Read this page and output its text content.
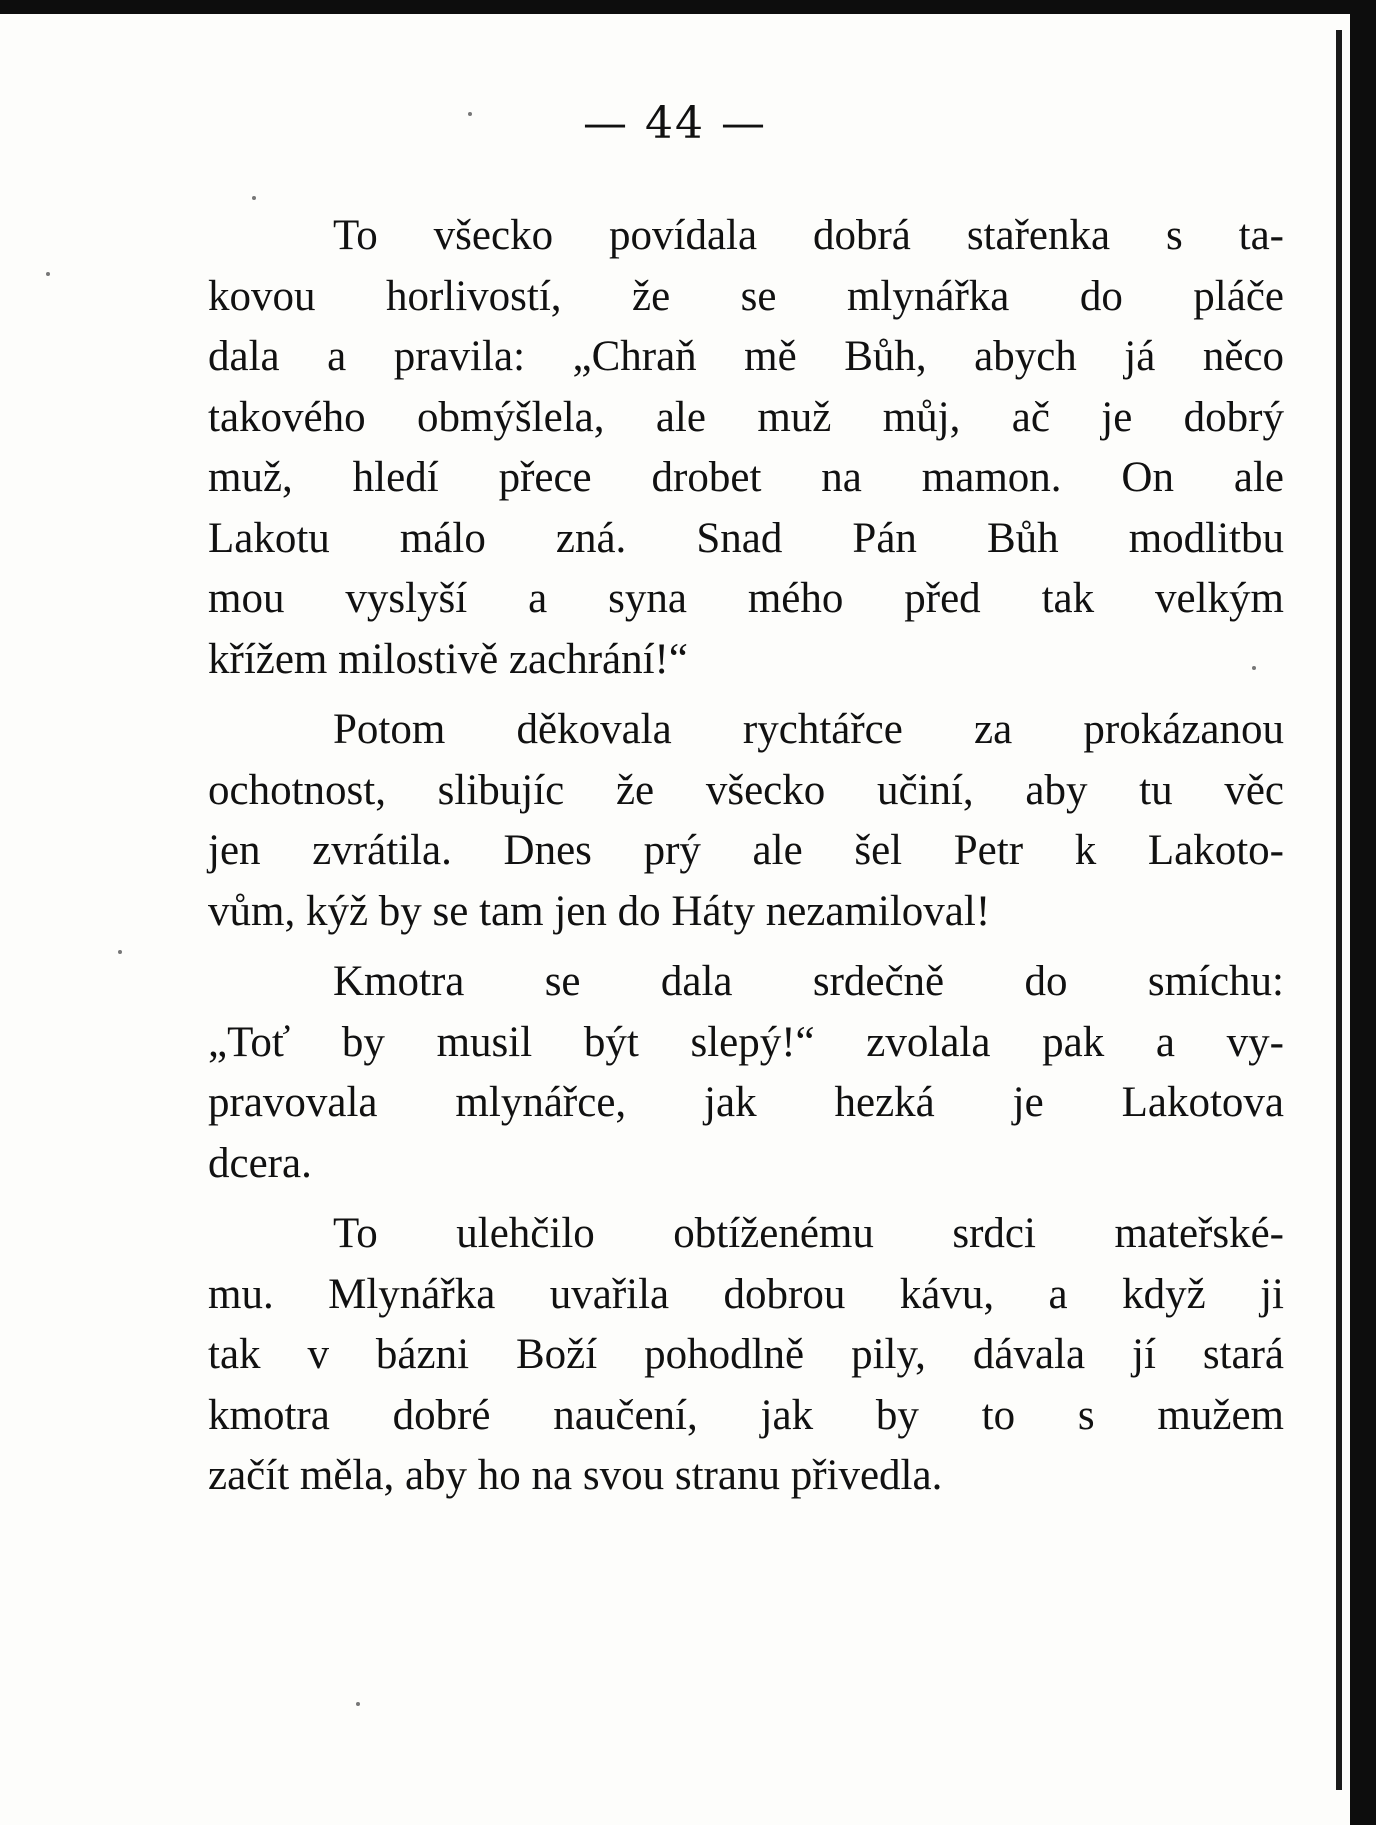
— 44 —

To všecko povídala dobrá stařenka s ta-
kovou horlivostí, že se mlynářka do pláče
dala a pravila: „Chraň mě Bůh, abych já něco
takového obmýšlela, ale muž můj, ač je dobrý
muž, hledí přece drobet na mamon. On ale
Lakotu málo zná. Snad Pán Bůh modlitbu
mou vyslyší a syna mého před tak velkým
křížem milostivě zachrání!“

Potom děkovala rychtářce za prokázanou
ochotnost, slibujíc že všecko učiní, aby tu věc
jen zvrátila. Dnes prý ale šel Petr k Lakoto-
vům, kýž by se tam jen do Háty nezamiloval!

Kmotra se dala srdečně do smíchu:
„Toť by musil být slepý!“ zvolala pak a vy-
pravovala mlynářce, jak hezká je Lakotova
dcera.

To ulehčilo obtíženému srdci mateřské-
mu. Mlynářka uvařila dobrou kávu, a když ji
tak v bázni Boží pohodlně pily, dávala jí stará
kmotra dobré naučení, jak by to s mužem
začít měla, aby ho na svou stranu přivedla.
